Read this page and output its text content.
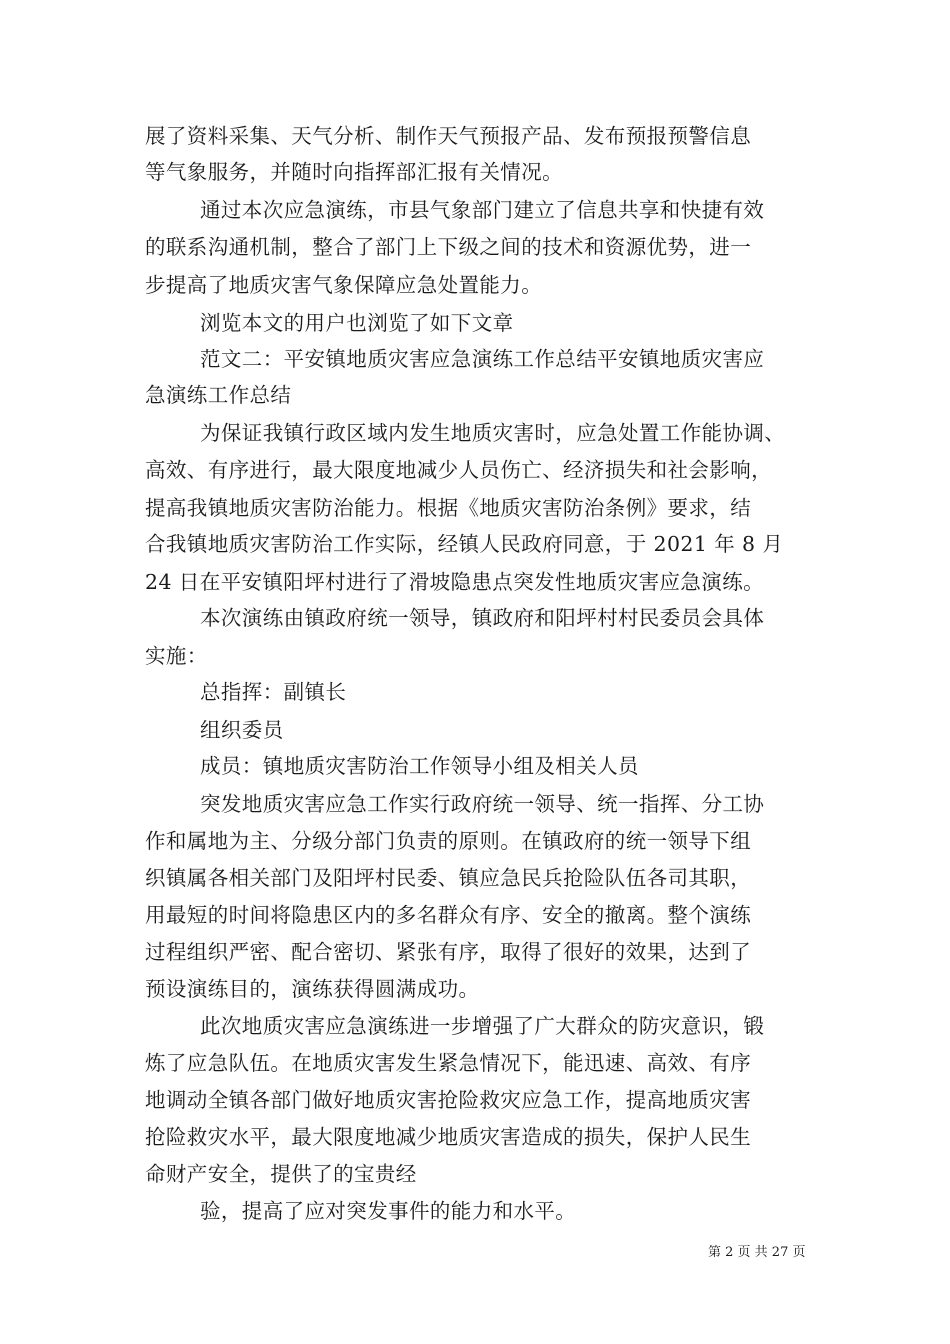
展了资料采集、天气分析、制作天气预报产品、发布预报预警信息
等气象服务，并随时向指挥部汇报有关情况。
通过本次应急演练，市县气象部门建立了信息共享和快捷有效
的联系沟通机制，整合了部门上下级之间的技术和资源优势，进一
步提高了地质灾害气象保障应急处置能力。
浏览本文的用户也浏览了如下文章
范文二：平安镇地质灾害应急演练工作总结平安镇地质灾害应
急演练工作总结
为保证我镇行政区域内发生地质灾害时，应急处置工作能协调、
高效、有序进行，最大限度地减少人员伤亡、经济损失和社会影响，
提高我镇地质灾害防治能力。根据《地质灾害防治条例》要求，结
合我镇地质灾害防治工作实际，经镇人民政府同意，于 2021 年 8 月
24 日在平安镇阳坪村进行了滑坡隐患点突发性地质灾害应急演练。
本次演练由镇政府统一领导，镇政府和阳坪村村民委员会具体
实施：
总指挥：副镇长
组织委员
成员：镇地质灾害防治工作领导小组及相关人员
突发地质灾害应急工作实行政府统一领导、统一指挥、分工协
作和属地为主、分级分部门负责的原则。在镇政府的统一领导下组
织镇属各相关部门及阳坪村民委、镇应急民兵抢险队伍各司其职，
用最短的时间将隐患区内的多名群众有序、安全的撤离。整个演练
过程组织严密、配合密切、紧张有序，取得了很好的效果，达到了
预设演练目的，演练获得圆满成功。
此次地质灾害应急演练进一步增强了广大群众的防灾意识，锻
炼了应急队伍。在地质灾害发生紧急情况下，能迅速、高效、有序
地调动全镇各部门做好地质灾害抢险救灾应急工作，提高地质灾害
抢险救灾水平，最大限度地减少地质灾害造成的损失，保护人民生
命财产安全，提供了的宝贵经
验，提高了应对突发事件的能力和水平。
第 2 页 共 27 页
